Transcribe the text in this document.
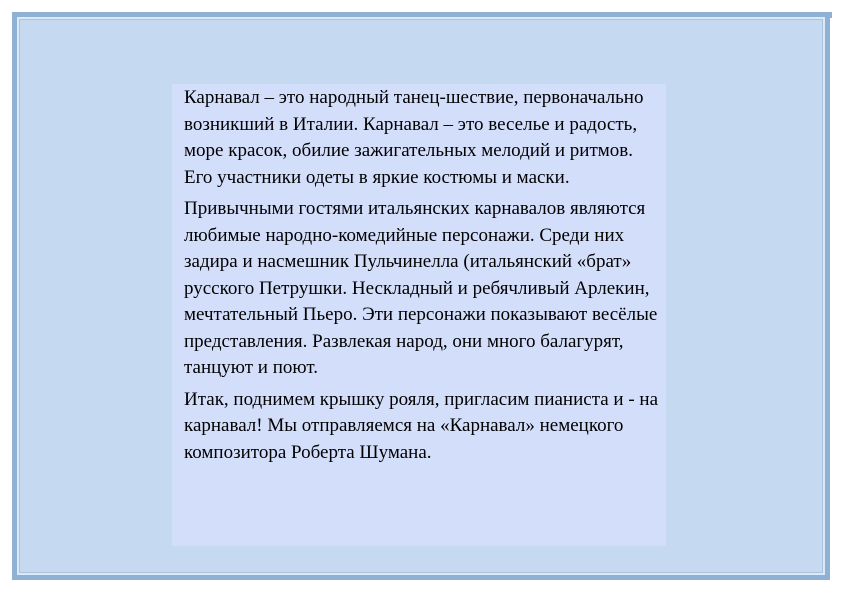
Карнавал – это народный танец-шествие, первоначально возникший в Италии. Карнавал – это веселье и радость, море красок, обилие зажигательных мелодий и ритмов. Его участники одеты в яркие костюмы и маски.

Привычными гостями итальянских карнавалов являются любимые народно-комедийные персонажи. Среди них задира и насмешник Пульчинелла (итальянский «брат» русского Петрушки. Нескладный и ребячливый Арлекин, мечтательный Пьеро. Эти персонажи показывают весёлые представления. Развлекая народ, они много балагурят, танцуют и поют.

Итак, поднимем крышку рояля, пригласим пианиста и - на карнавал! Мы отправляемся на «Карнавал» немецкого композитора Роберта Шумана.
